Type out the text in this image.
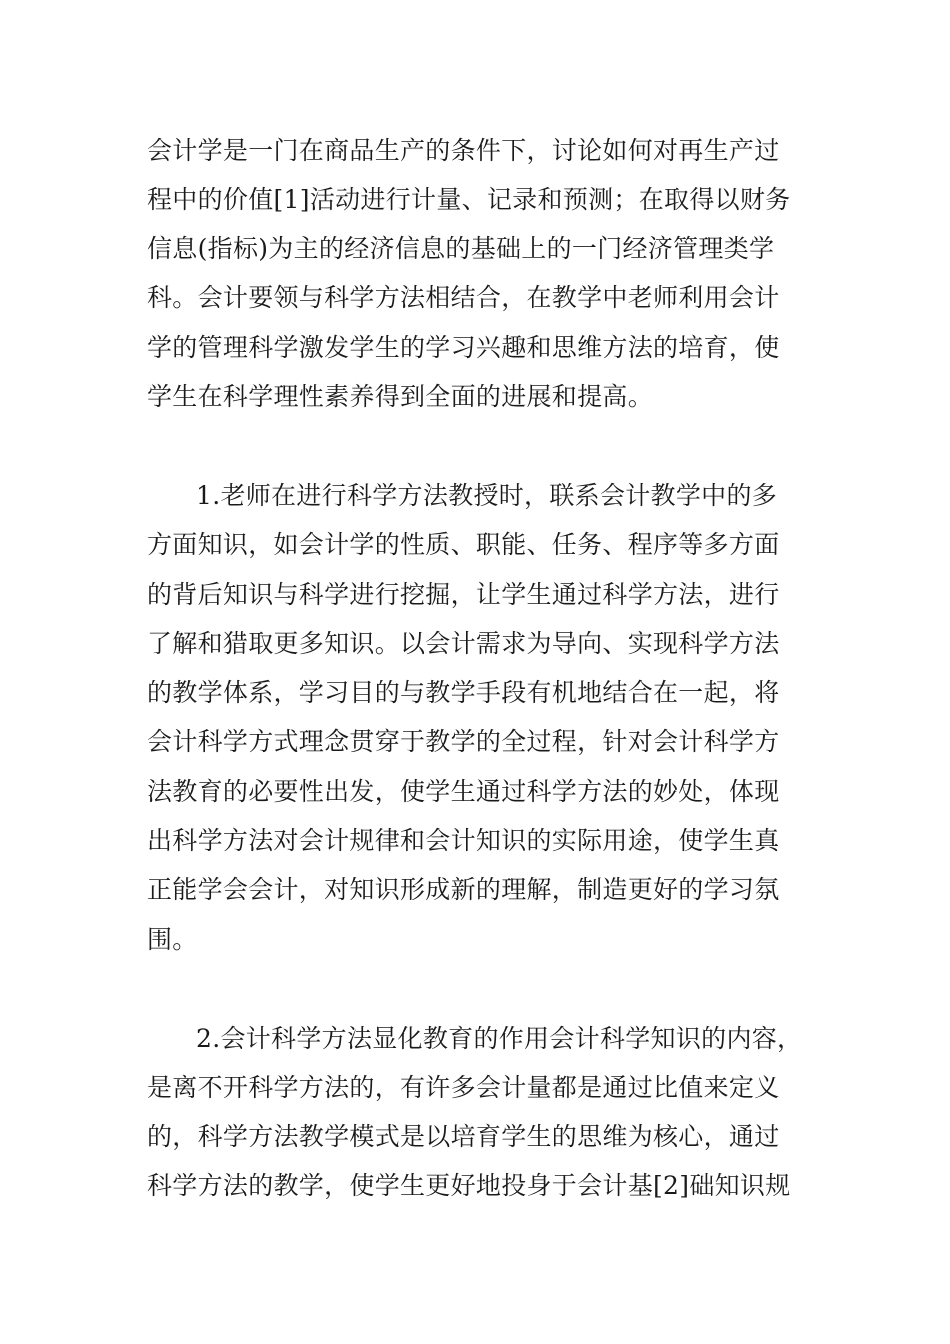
会计学是一门在商品生产的条件下，讨论如何对再生产过

程中的价值[1]活动进行计量、记录和预测；在取得以财务

信息(指标)为主的经济信息的基础上的一门经济管理类学

科。会计要领与科学方法相结合，在教学中老师利用会计

学的管理科学激发学生的学习兴趣和思维方法的培育，使

学生在科学理性素养得到全面的进展和提高。

1.老师在进行科学方法教授时，联系会计教学中的多

方面知识，如会计学的性质、职能、任务、程序等多方面

的背后知识与科学进行挖掘，让学生通过科学方法，进行

了解和猎取更多知识。以会计需求为导向、实现科学方法

的教学体系，学习目的与教学手段有机地结合在一起，将

会计科学方式理念贯穿于教学的全过程，针对会计科学方

法教育的必要性出发，使学生通过科学方法的妙处，体现

出科学方法对会计规律和会计知识的实际用途，使学生真

正能学会会计，对知识形成新的理解，制造更好的学习氛

围。

2.会计科学方法显化教育的作用会计科学知识的内容，

是离不开科学方法的，有许多会计量都是通过比值来定义

的，科学方法教学模式是以培育学生的思维为核心，通过

科学方法的教学，使学生更好地投身于会计基[2]础知识规
